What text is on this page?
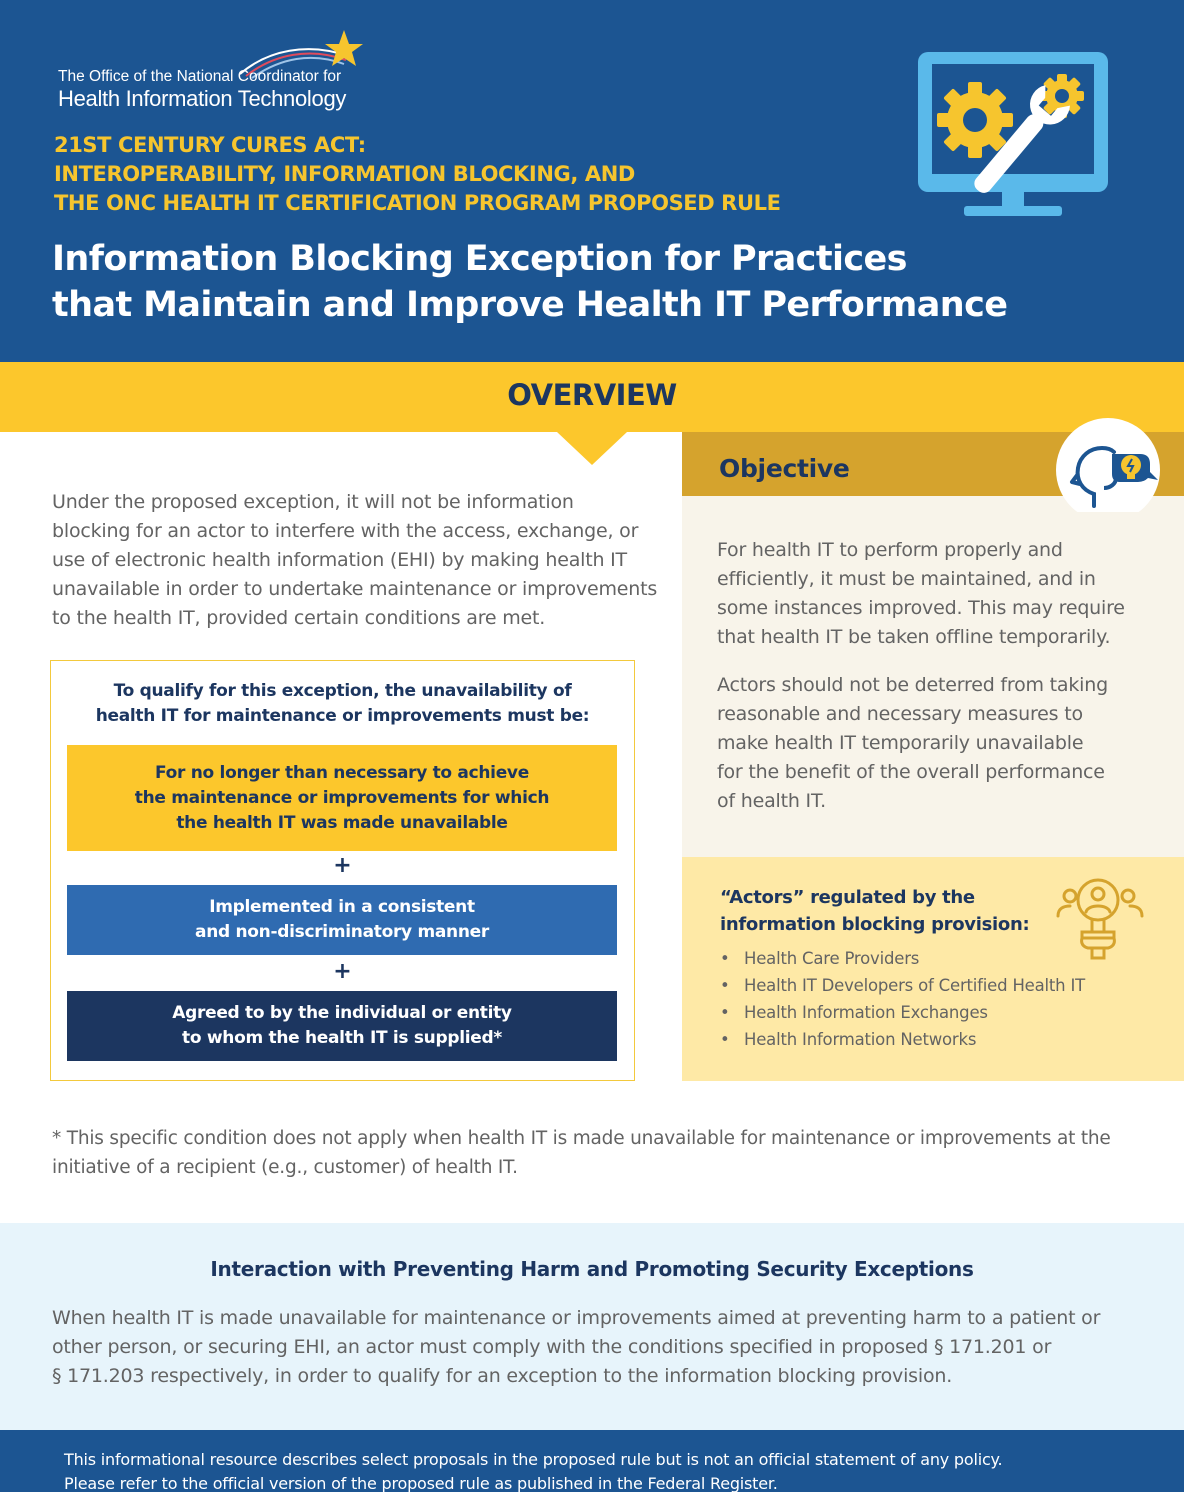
The Office of the National Coordinator for
Health Information Technology
21ST CENTURY CURES ACT:
INTEROPERABILITY, INFORMATION BLOCKING, AND
THE ONC HEALTH IT CERTIFICATION PROGRAM PROPOSED RULE
Information Blocking Exception for Practices
that Maintain and Improve Health IT Performance
OVERVIEW
Under the proposed exception, it will not be information
blocking for an actor to interfere with the access, exchange, or
use of electronic health information (EHI) by making health IT
unavailable in order to undertake maintenance or improvements
to the health IT, provided certain conditions are met.
To qualify for this exception, the unavailability of
health IT for maintenance or improvements must be:
For no longer than necessary to achieve
the maintenance or improvements for which
the health IT was made unavailable
+
Implemented in a consistent
and non-discriminatory manner
+
Agreed to by the individual or entity
to whom the health IT is supplied*
Objective
For health IT to perform properly and
efficiently, it must be maintained, and in
some instances improved. This may require
that health IT be taken offline temporarily.
Actors should not be deterred from taking
reasonable and necessary measures to
make health IT temporarily unavailable
for the benefit of the overall performance
of health IT.
“Actors” regulated by the
information blocking provision:
• Health Care Providers
• Health IT Developers of Certified Health IT
• Health Information Exchanges
• Health Information Networks
* This specific condition does not apply when health IT is made unavailable for maintenance or improvements at the
initiative of a recipient (e.g., customer) of health IT.
Interaction with Preventing Harm and Promoting Security Exceptions
When health IT is made unavailable for maintenance or improvements aimed at preventing harm to a patient or
other person, or securing EHI, an actor must comply with the conditions specified in proposed § 171.201 or
§ 171.203 respectively, in order to qualify for an exception to the information blocking provision.
This informational resource describes select proposals in the proposed rule but is not an official statement of any policy.
Please refer to the official version of the proposed rule as published in the Federal Register.
